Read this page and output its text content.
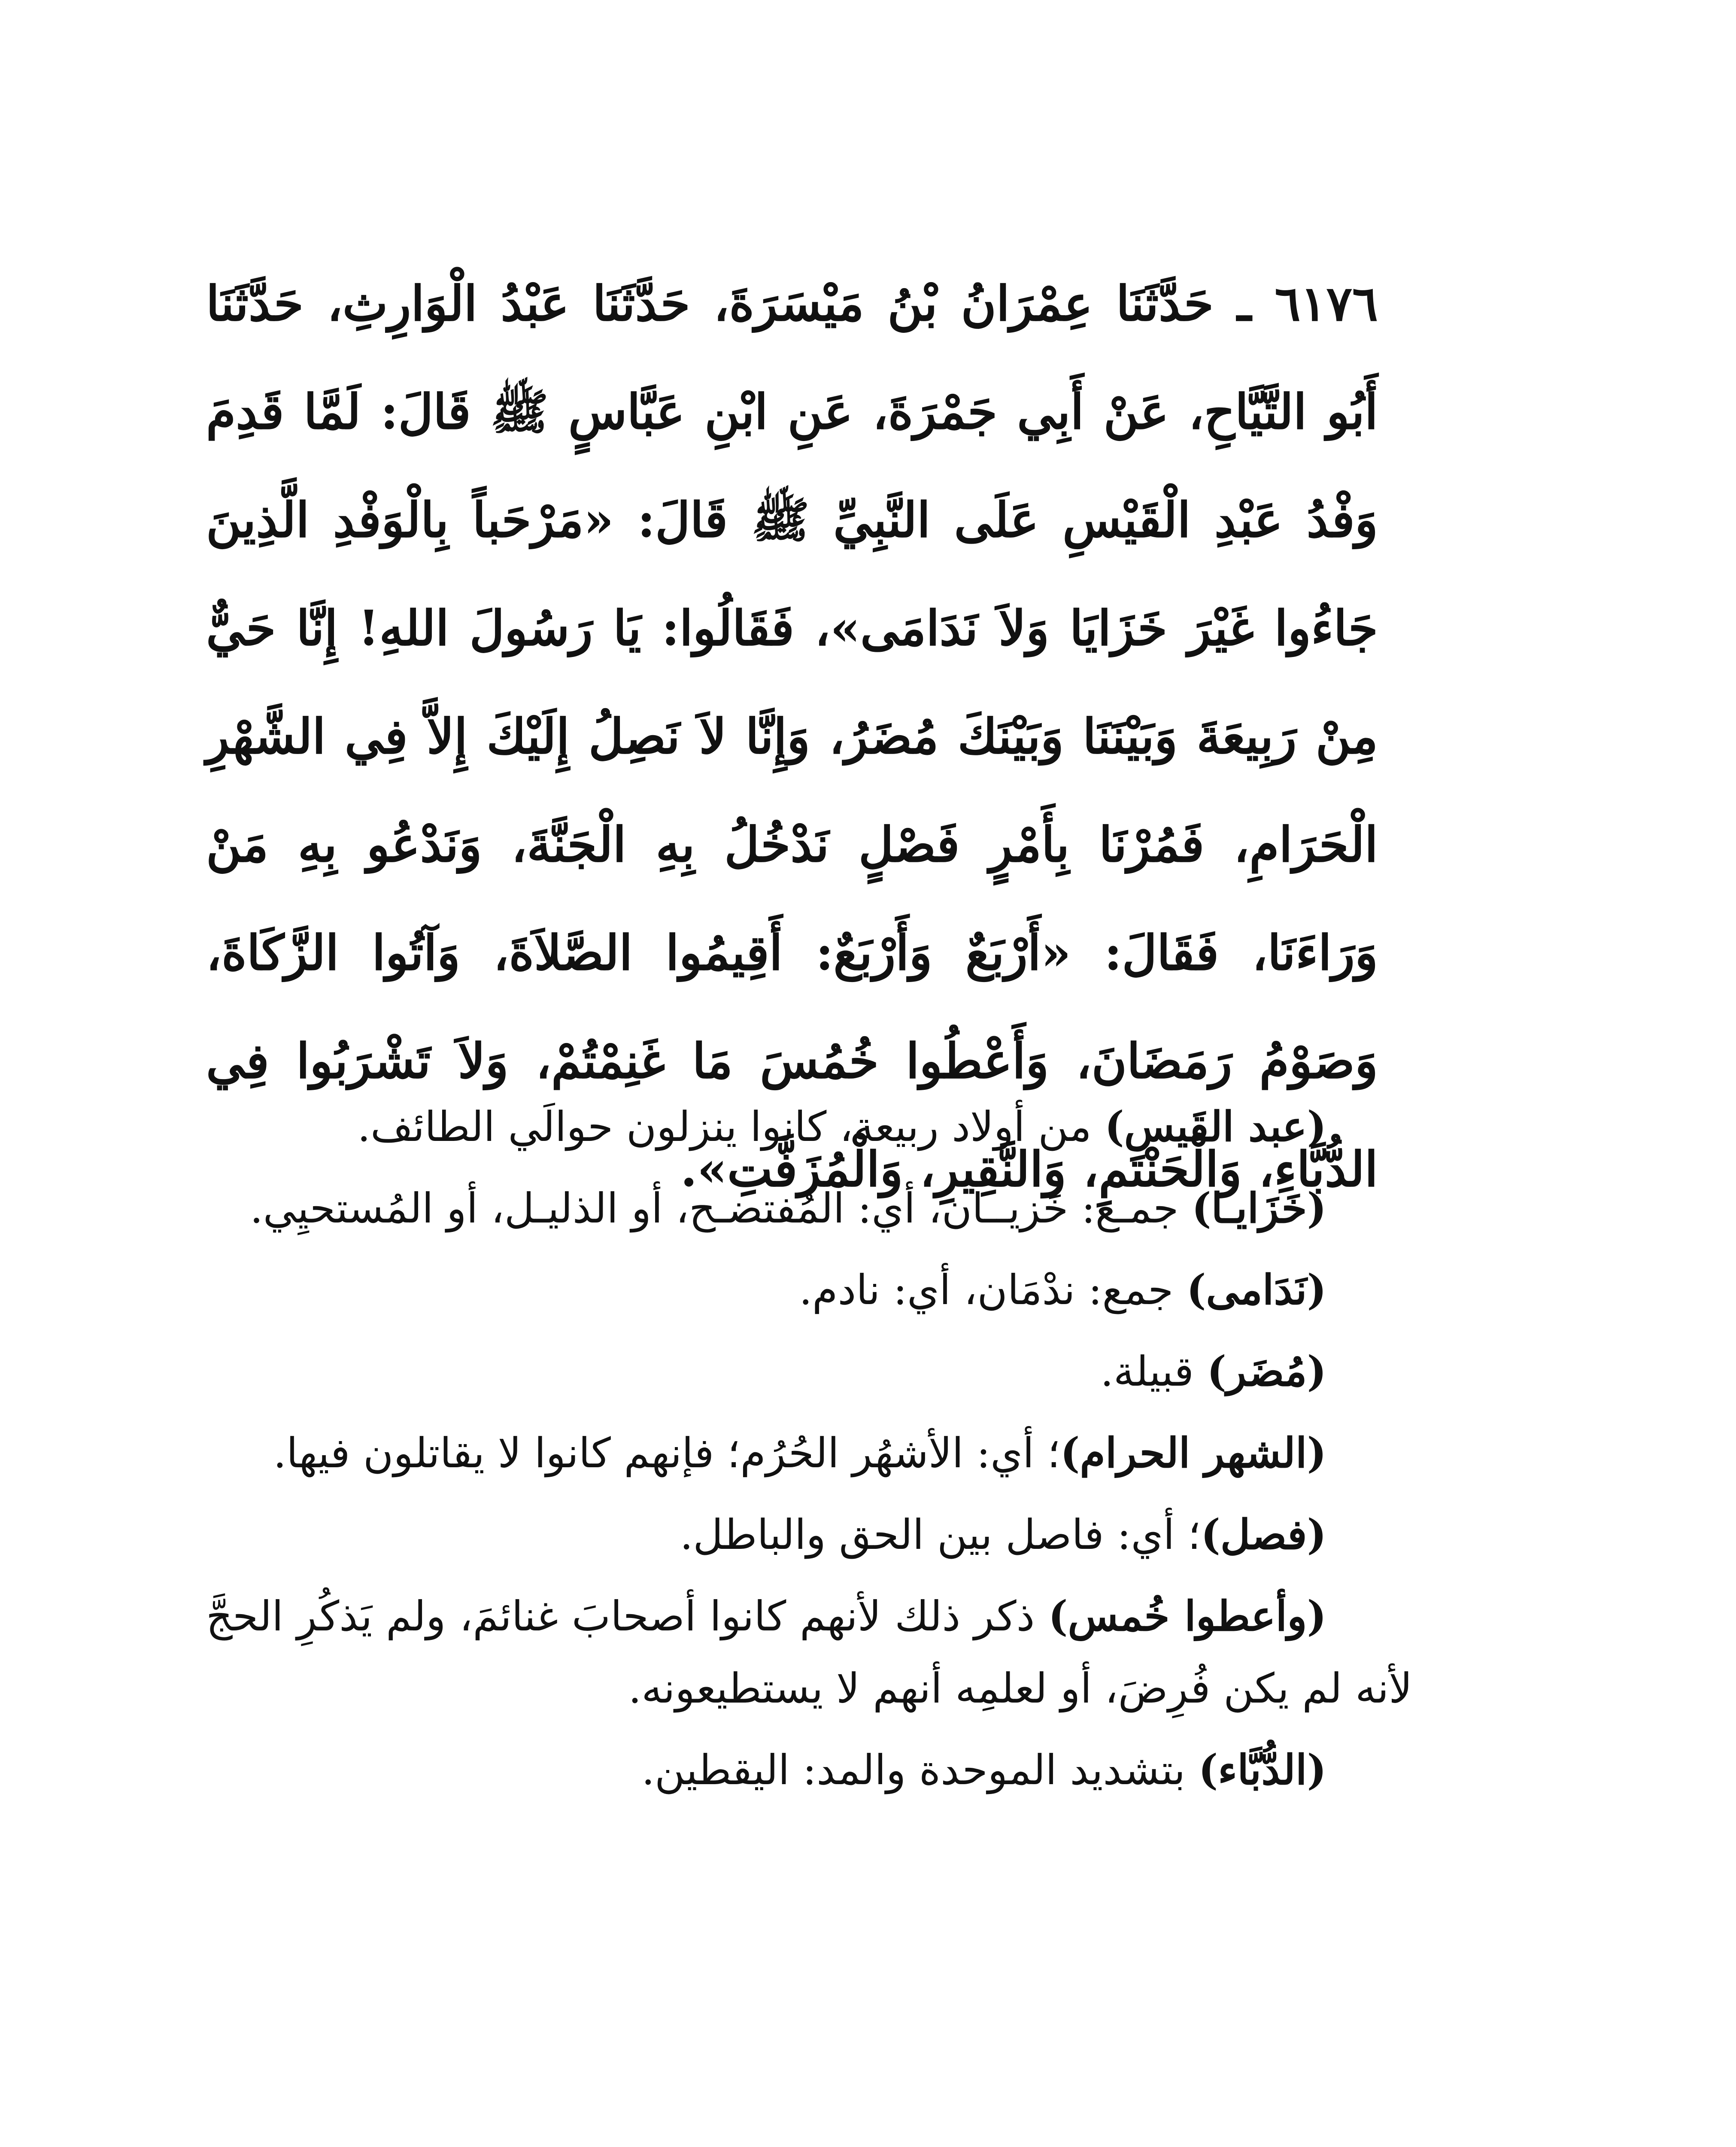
٦١٧٦ ـ حَدَّثَنَا عِمْرَانُ بْنُ مَيْسَرَةَ، حَدَّثَنَا عَبْدُ الْوَارِثِ، حَدَّثَنَا أَبُو التَّيَّاحِ، عَنْ أَبِي جَمْرَةَ، عَنِ ابْنِ عَبَّاسٍ ﷺ قَالَ: لَمَّا قَدِمَ وَفْدُ عَبْدِ الْقَيْسِ عَلَى النَّبِيِّ ﷺ قَالَ: «مَرْحَباً بِالْوَفْدِ الَّذِينَ جَاءُوا غَيْرَ خَزَايَا وَلاَ نَدَامَى»، فَقَالُوا: يَا رَسُولَ اللهِ! إِنَّا حَيٌّ مِنْ رَبِيعَةَ وَبَيْنَنَا وَبَيْنَكَ مُضَرُ، وَإِنَّا لاَ نَصِلُ إِلَيْكَ إِلاَّ فِي الشَّهْرِ الْحَرَامِ، فَمُرْنَا بِأَمْرٍ فَصْلٍ نَدْخُلُ بِهِ الْجَنَّةَ، وَنَدْعُو بِهِ مَنْ وَرَاءَنَا، فَقَالَ: «أَرْبَعٌ وَأَرْبَعٌ: أَقِيمُوا الصَّلاَةَ، وَآتُوا الزَّكَاةَ، وَصَوْمُ رَمَضَانَ، وَأَعْطُوا خُمُسَ مَا غَنِمْتُمْ، وَلاَ تَشْرَبُوا فِي الدُّبَّاءِ، وَالْحَنْتَمِ، وَالنَّقِيرِ، وَالْمُزَفَّتِ».

(عبد القَيس) من أولاد ربيعة، كانوا ينزلون حوالَي الطائف.

(خَزَايـا) جمـع: خَزيــان، أي: المُفتضـح، أو الذليـل، أو المُستحيِي.

(نَدَامى) جمع: ندْمَان، أي: نادم.

(مُضَر) قبيلة.

(الشهر الحرام)؛ أي: الأشهُر الحُرُم؛ فإنهم كانوا لا يقاتلون فيها.

(فصل)؛ أي: فاصل بين الحق والباطل.

(وأعطوا خُمس) ذكر ذلك لأنهم كانوا أصحابَ غنائمَ، ولم يَذكُرِ الحجَّ لأنه لم يكن فُرِضَ، أو لعلمِه أنهم لا يستطيعونه.

(الدُّبَّاء) بتشديد الموحدة والمد: اليقطين.
